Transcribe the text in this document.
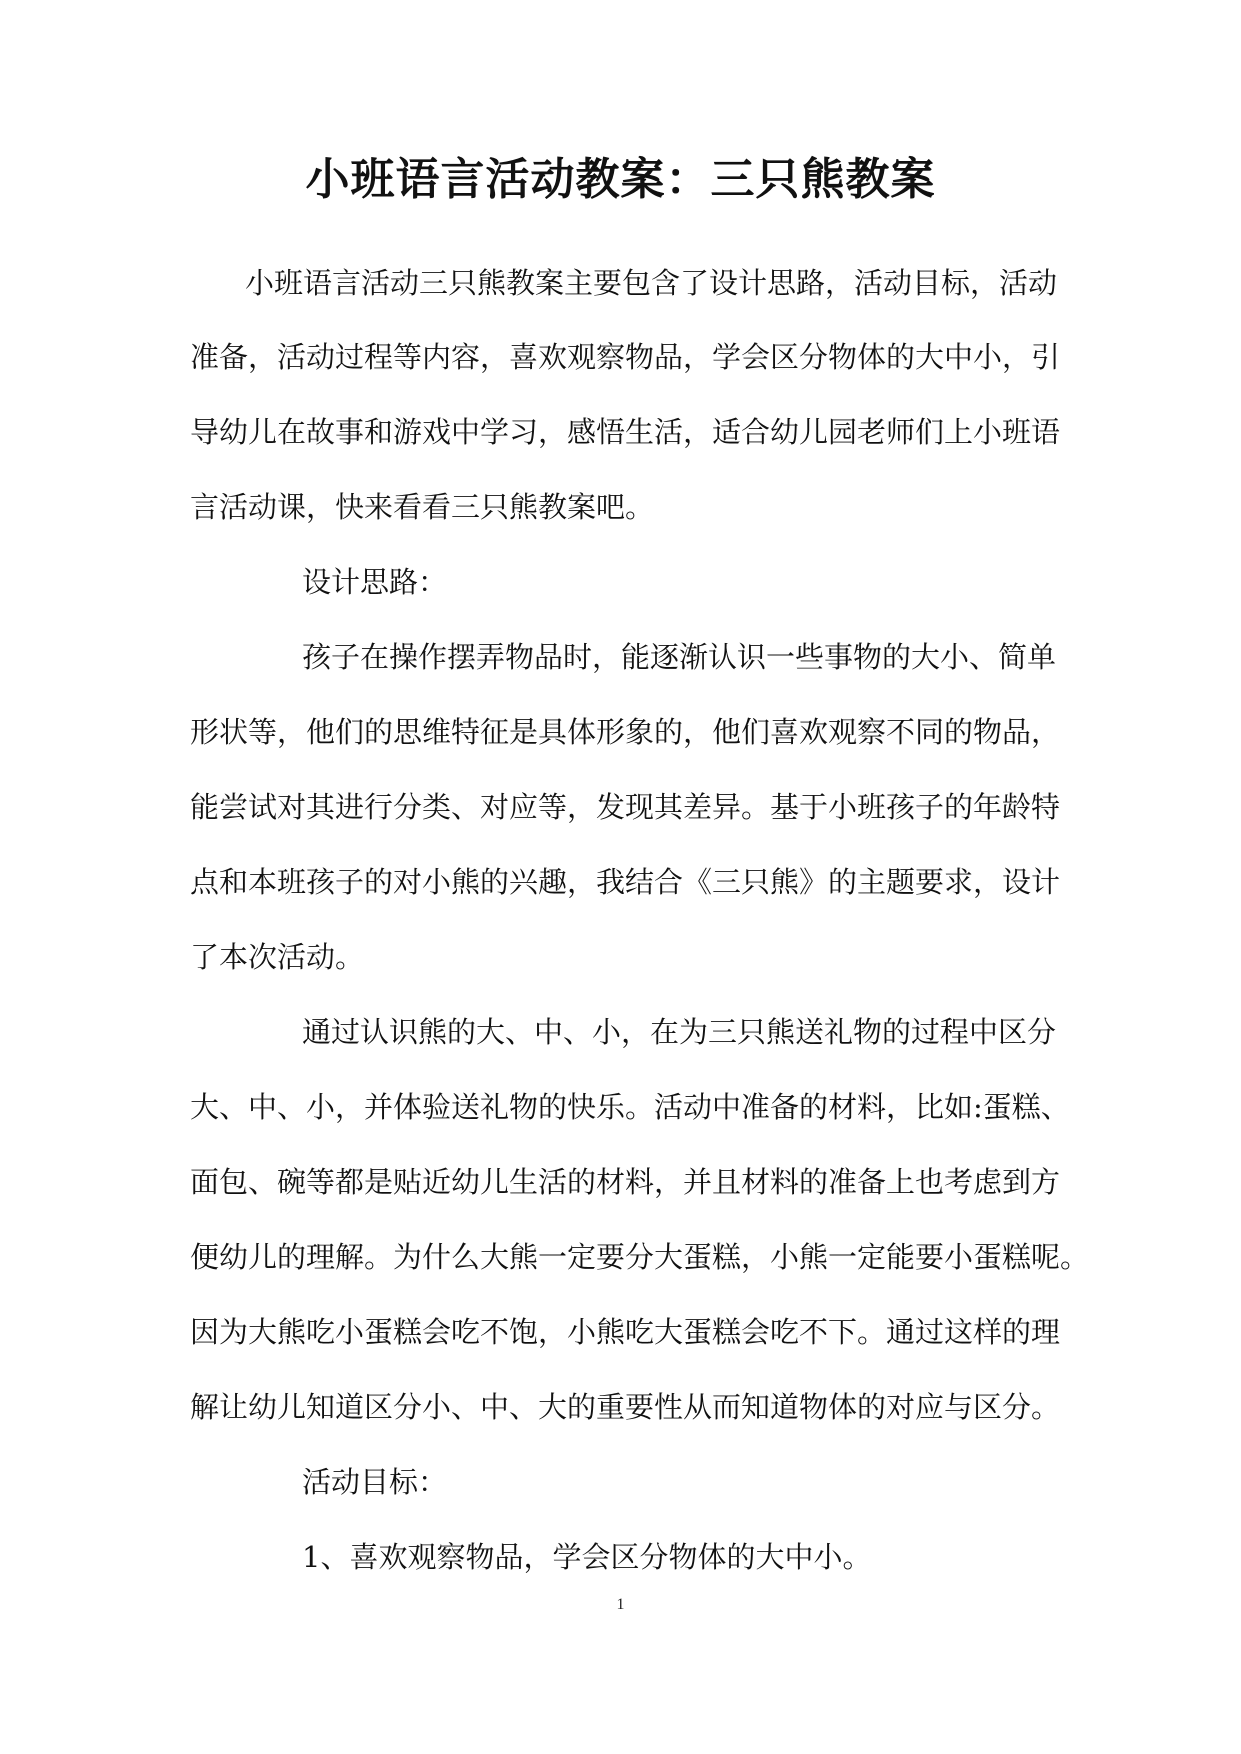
小班语言活动教案：三只熊教案

小班语言活动三只熊教案主要包含了设计思路，活动目标，活动

准备，活动过程等内容，喜欢观察物品，学会区分物体的大中小，引

导幼儿在故事和游戏中学习，感悟生活，适合幼儿园老师们上小班语

言活动课，快来看看三只熊教案吧。

设计思路：

孩子在操作摆弄物品时，能逐渐认识一些事物的大小、简单

形状等，他们的思维特征是具体形象的，他们喜欢观察不同的物品，

能尝试对其进行分类、对应等，发现其差异。基于小班孩子的年龄特

点和本班孩子的对小熊的兴趣，我结合《三只熊》的主题要求，设计

了本次活动。

通过认识熊的大、中、小，在为三只熊送礼物的过程中区分

大、中、小，并体验送礼物的快乐。活动中准备的材料，比如:蛋糕、

面包、碗等都是贴近幼儿生活的材料，并且材料的准备上也考虑到方

便幼儿的理解。为什么大熊一定要分大蛋糕，小熊一定能要小蛋糕呢。

因为大熊吃小蛋糕会吃不饱，小熊吃大蛋糕会吃不下。通过这样的理

解让幼儿知道区分小、中、大的重要性从而知道物体的对应与区分。

活动目标：

1、喜欢观察物品，学会区分物体的大中小。

1
